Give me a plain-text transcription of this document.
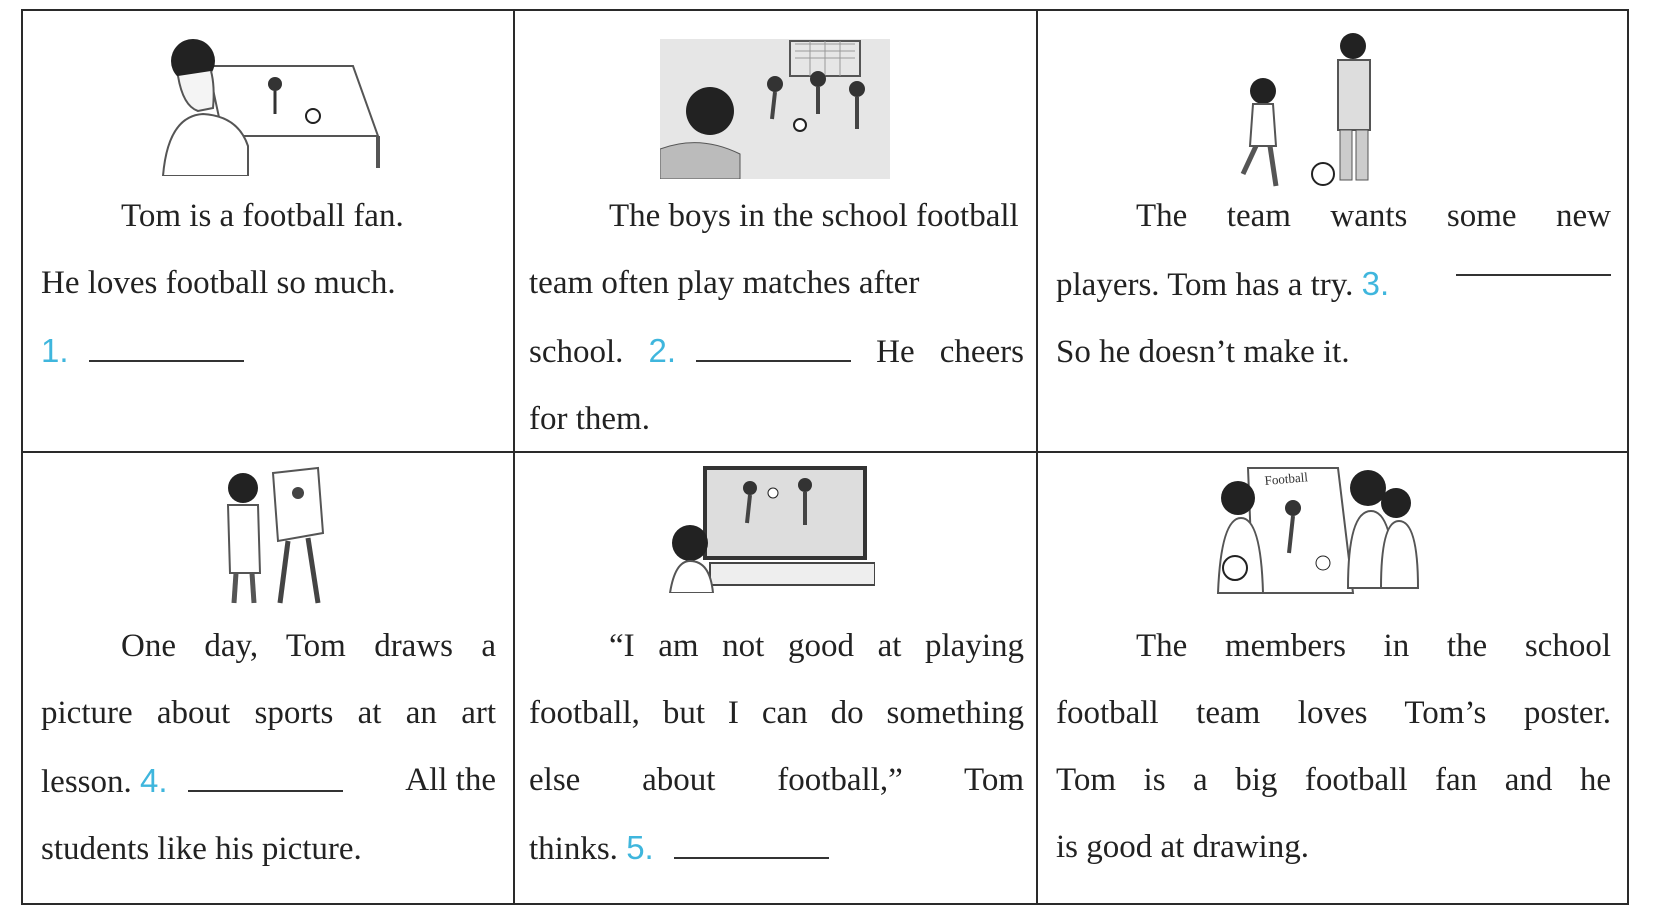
Tom is a football fan.
He loves football so much.
1.
The boys in the school football
team often play matches after
school. 2.	He cheers
for them.
The team wants some new
players. Tom has a try. 3.
So he doesn’t make it.
One day, Tom draws a
picture about sports at an art
lesson. 4.	All the
students like his picture.
“I am not good at playing
football, but I can do something
else about football,” Tom
thinks. 5.
Football
The members in the school
football team loves Tom’s poster.
Tom is a big football fan and he
is good at drawing.
